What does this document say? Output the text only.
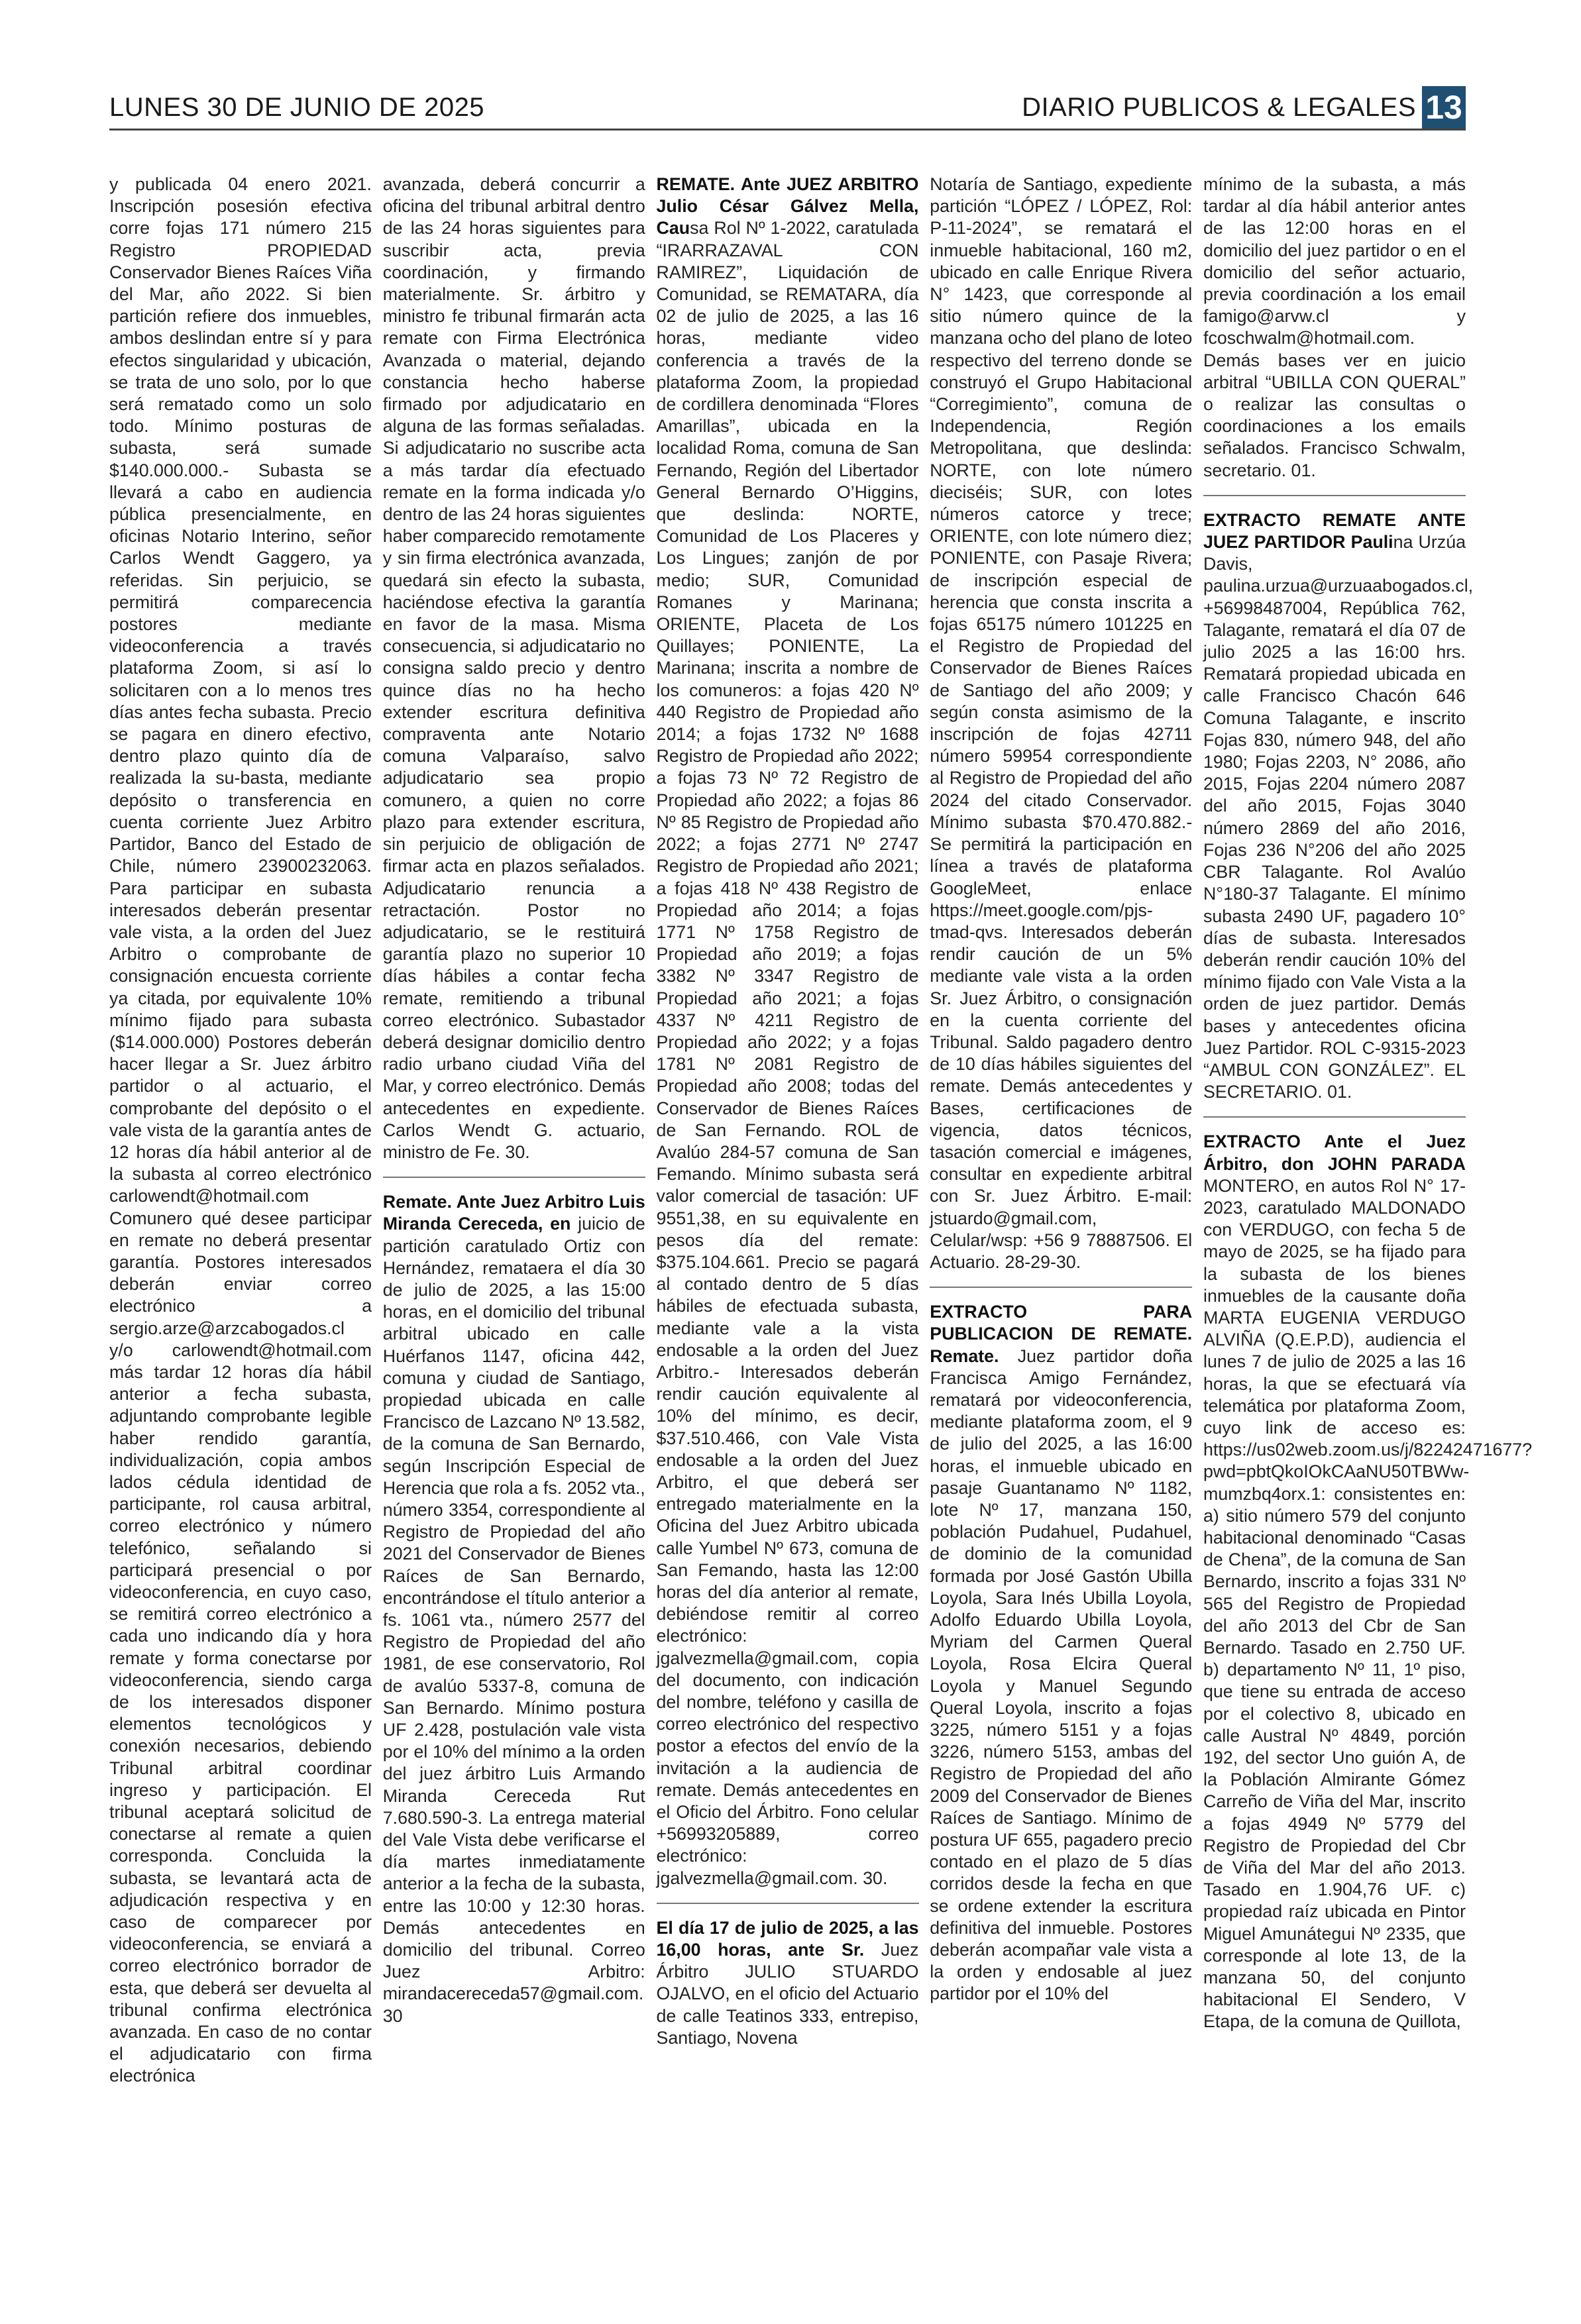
LUNES 30 DE JUNIO DE 2025	DIARIO PUBLICOS & LEGALES 13

y publicada 04 enero 2021. Inscripción posesión efectiva corre fojas 171 número 215 Registro PROPIEDAD Conservador Bienes Raíces Viña del Mar, año 2022. Si bien partición refiere dos inmuebles, ambos deslindan entre sí y para efectos singularidad y ubicación, se trata de uno solo, por lo que será rematado como un solo todo. Mínimo posturas de subasta, será sumade $140.000.000.- Subasta se llevará a cabo en audiencia pública presencialmente, en oficinas Notario Interino, señor Carlos Wendt Gaggero, ya referidas. Sin perjuicio, se permitirá comparecencia postores mediante videoconferencia a través plataforma Zoom, si así lo solicitaren con a lo menos tres días antes fecha subasta. Precio se pagara en dinero efectivo, dentro plazo quinto día de realizada la su-basta, mediante depósito o transferencia en cuenta corriente Juez Arbitro Partidor, Banco del Estado de Chile, número 23900232063. Para participar en subasta interesados deberán presentar vale vista, a la orden del Juez Arbitro o comprobante de consignación encuesta corriente ya citada, por equivalente 10% mínimo fijado para subasta ($14.000.000) Postores deberán hacer llegar a Sr. Juez árbitro partidor o al actuario, el comprobante del depósito o el vale vista de la garantía antes de 12 horas día hábil anterior al de la subasta al correo electrónico carlowendt@hotmail.com Comunero qué desee participar en remate no deberá presentar garantía. Postores interesados deberán enviar correo electrónico a sergio.arze@arzcabogados.cl y/o carlowendt@hotmail.com más tardar 12 horas día hábil anterior a fecha subasta, adjuntando comprobante legible haber rendido garantía, individualización, copia ambos lados cédula identidad de participante, rol causa arbitral, correo electrónico y número telefónico, señalando si participará presencial o por videoconferencia, en cuyo caso, se remitirá correo electrónico a cada uno indicando día y hora remate y forma conectarse por videoconferencia, siendo carga de los interesados disponer elementos tecnológicos y conexión necesarios, debiendo Tribunal arbitral coordinar ingreso y participación. El tribunal aceptará solicitud de conectarse al remate a quien corresponda. Concluida la subasta, se levantará acta de adjudicación respectiva y en caso de comparecer por videoconferencia, se enviará a correo electrónico borrador de esta, que deberá ser devuelta al tribunal confirma electrónica avanzada. En caso de no contar el adjudicatario con firma electrónica

avanzada, deberá concurrir a oficina del tribunal arbitral dentro de las 24 horas siguientes para suscribir acta, previa coordinación, y firmando materialmente. Sr. árbitro y ministro fe tribunal firmarán acta remate con Firma Electrónica Avanzada o material, dejando constancia hecho haberse firmado por adjudicatario en alguna de las formas señaladas. Si adjudicatario no suscribe acta a más tardar día efectuado remate en la forma indicada y/o dentro de las 24 horas siguientes haber comparecido remotamente y sin firma electrónica avanzada, quedará sin efecto la subasta, haciéndose efectiva la garantía en favor de la masa. Misma consecuencia, si adjudicatario no consigna saldo precio y dentro quince días no ha hecho extender escritura definitiva compraventa ante Notario comuna Valparaíso, salvo adjudicatario sea propio comunero, a quien no corre plazo para extender escritura, sin perjuicio de obligación de firmar acta en plazos señalados. Adjudicatario renuncia a retractación. Postor no adjudicatario, se le restituirá garantía plazo no superior 10 días hábiles a contar fecha remate, remitiendo a tribunal correo electrónico. Subastador deberá designar domicilio dentro radio urbano ciudad Viña del Mar, y correo electrónico. Demás antecedentes en expediente. Carlos Wendt G. actuario, ministro de Fe. 30.

Remate. Ante Juez Arbitro Luis Miranda Cereceda, en juicio de partición caratulado Ortiz con Hernández, remataera el día 30 de julio de 2025, a las 15:00 horas, en el domicilio del tribunal arbitral ubicado en calle Huérfanos 1147, oficina 442, comuna y ciudad de Santiago, propiedad ubicada en calle Francisco de Lazcano Nº 13.582, de la comuna de San Bernardo, según Inscripción Especial de Herencia que rola a fs. 2052 vta., número 3354, correspondiente al Registro de Propiedad del año 2021 del Conservador de Bienes Raíces de San Bernardo, encontrándose el título anterior a fs. 1061 vta., número 2577 del Registro de Propiedad del año 1981, de ese conservatorio, Rol de avalúo 5337-8, comuna de San Bernardo. Mínimo postura UF 2.428, postulación vale vista por el 10% del mínimo a la orden del juez árbitro Luis Armando Miranda Cereceda Rut 7.680.590-3. La entrega material del Vale Vista debe verificarse el día martes inmediatamente anterior a la fecha de la subasta, entre las 10:00 y 12:30 horas. Demás antecedentes en domicilio del tribunal. Correo Juez Arbitro: mirandacereceda57@gmail.com. 30

REMATE. Ante JUEZ ARBITRO Julio César Gálvez Mella, Causa Rol Nº 1-2022, caratulada “IRARRAZAVAL CON RAMIREZ”, Liquidación de Comunidad, se REMATARA, día 02 de julio de 2025, a las 16 horas, mediante video conferencia a través de la plataforma Zoom, la propiedad de cordillera denominada “Flores Amarillas”, ubicada en la localidad Roma, comuna de San Fernando, Región del Libertador General Bernardo O’Higgins, que deslinda: NORTE, Comunidad de Los Placeres y Los Lingues; zanjón de por medio; SUR, Comunidad Romanes y Marinana; ORIENTE, Placeta de Los Quillayes; PONIENTE, La Marinana; inscrita a nombre de los comuneros: a fojas 420 Nº 440 Registro de Propiedad año 2014; a fojas 1732 Nº 1688 Registro de Propiedad año 2022; a fojas 73 Nº 72 Registro de Propiedad año 2022; a fojas 86 Nº 85 Registro de Propiedad año 2022; a fojas 2771 Nº 2747 Registro de Propiedad año 2021; a fojas 418 Nº 438 Registro de Propiedad año 2014; a fojas 1771 Nº 1758 Registro de Propiedad año 2019; a fojas 3382 Nº 3347 Registro de Propiedad año 2021; a fojas 4337 Nº 4211 Registro de Propiedad año 2022; y a fojas 1781 Nº 2081 Registro de Propiedad año 2008; todas del Conservador de Bienes Raíces de San Fernando. ROL de Avalúo 284-57 comuna de San Femando. Mínimo subasta será valor comercial de tasación: UF 9551,38, en su equivalente en pesos día del remate: $375.104.661. Precio se pagará al contado dentro de 5 días hábiles de efectuada subasta, mediante vale a la vista endosable a la orden del Juez Arbitro.- Interesados deberán rendir caución equivalente al 10% del mínimo, es decir, $37.510.466, con Vale Vista endosable a la orden del Juez Arbitro, el que deberá ser entregado materialmente en la Oficina del Juez Arbitro ubicada calle Yumbel Nº 673, comuna de San Femando, hasta las 12:00 horas del día anterior al remate, debiéndose remitir al correo electrónico: jgalvezmella@gmail.com, copia del documento, con indicación del nombre, teléfono y casilla de correo electrónico del respectivo postor a efectos del envío de la invitación a la audiencia de remate. Demás antecedentes en el Oficio del Árbitro. Fono celular +56993205889, correo electrónico: jgalvezmella@gmail.com. 30.

El día 17 de julio de 2025, a las 16,00 horas, ante Sr. Juez Árbitro JULIO STUARDO OJALVO, en el oficio del Actuario de calle Teatinos 333, entrepiso, Santiago, Novena

Notaría de Santiago, expediente partición “LÓPEZ / LÓPEZ, Rol: P-11-2024”, se rematará el inmueble habitacional, 160 m2, ubicado en calle Enrique Rivera N° 1423, que corresponde al sitio número quince de la manzana ocho del plano de loteo respectivo del terreno donde se construyó el Grupo Habitacional “Corregimiento”, comuna de Independencia, Región Metropolitana, que deslinda: NORTE, con lote número dieciséis; SUR, con lotes números catorce y trece; ORIENTE, con lote número diez; PONIENTE, con Pasaje Rivera; de inscripción especial de herencia que consta inscrita a fojas 65175 número 101225 en el Registro de Propiedad del Conservador de Bienes Raíces de Santiago del año 2009; y según consta asimismo de la inscripción de fojas 42711 número 59954 correspondiente al Registro de Propiedad del año 2024 del citado Conservador. Mínimo subasta $70.470.882.- Se permitirá la participación en línea a través de plataforma GoogleMeet, enlace https://meet.google.com/pjs-tmad-qvs. Interesados deberán rendir caución de un 5% mediante vale vista a la orden Sr. Juez Árbitro, o consignación en la cuenta corriente del Tribunal. Saldo pagadero dentro de 10 días hábiles siguientes del remate. Demás antecedentes y Bases, certificaciones de vigencia, datos técnicos, tasación comercial e imágenes, consultar en expediente arbitral con Sr. Juez Árbitro. E-mail: jstuardo@gmail.com, Celular/wsp: +56 9 78887506. El Actuario. 28-29-30.

EXTRACTO PARA PUBLICACION DE REMATE. Remate. Juez partidor doña Francisca Amigo Fernández, rematará por videoconferencia, mediante plataforma zoom, el 9 de julio del 2025, a las 16:00 horas, el inmueble ubicado en pasaje Guantanamo Nº 1182, lote Nº 17, manzana 150, población Pudahuel, Pudahuel, de dominio de la comunidad formada por José Gastón Ubilla Loyola, Sara Inés Ubilla Loyola, Adolfo Eduardo Ubilla Loyola, Myriam del Carmen Queral Loyola, Rosa Elcira Queral Loyola y Manuel Segundo Queral Loyola, inscrito a fojas 3225, número 5151 y a fojas 3226, número 5153, ambas del Registro de Propiedad del año 2009 del Conservador de Bienes Raíces de Santiago. Mínimo de postura UF 655, pagadero precio contado en el plazo de 5 días corridos desde la fecha en que se ordene extender la escritura definitiva del inmueble. Postores deberán acompañar vale vista a la orden y endosable al juez partidor por el 10% del

mínimo de la subasta, a más tardar al día hábil anterior antes de las 12:00 horas en el domicilio del juez partidor o en el domicilio del señor actuario, previa coordinación a los email famigo@arvw.cl y fcoschwalm@hotmail.com. Demás bases ver en juicio arbitral “UBILLA CON QUERAL” o realizar las consultas o coordinaciones a los emails señalados. Francisco Schwalm, secretario. 01.

EXTRACTO REMATE ANTE JUEZ PARTIDOR Paulina Urzúa Davis, paulina.urzua@urzuaabogados.cl, +56998487004, República 762, Talagante, rematará el día 07 de julio 2025 a las 16:00 hrs. Rematará propiedad ubicada en calle Francisco Chacón 646 Comuna Talagante, e inscrito Fojas 830, número 948, del año 1980; Fojas 2203, N° 2086, año 2015, Fojas 2204 número 2087 del año 2015, Fojas 3040 número 2869 del año 2016, Fojas 236 N°206 del año 2025 CBR Talagante. Rol Avalúo N°180-37 Talagante. El mínimo subasta 2490 UF, pagadero 10° días de subasta. Interesados deberán rendir caución 10% del mínimo fijado con Vale Vista a la orden de juez partidor. Demás bases y antecedentes oficina Juez Partidor. ROL C-9315-2023 “AMBUL CON GONZÁLEZ”. EL SECRETARIO. 01.

EXTRACTO Ante el Juez Árbitro, don JOHN PARADA MONTERO, en autos Rol N° 17-2023, caratulado MALDONADO con VERDUGO, con fecha 5 de mayo de 2025, se ha fijado para la subasta de los bienes inmuebles de la causante doña MARTA EUGENIA VERDUGO ALVIÑA (Q.E.P.D), audiencia el lunes 7 de julio de 2025 a las 16 horas, la que se efectuará vía telemática por plataforma Zoom, cuyo link de acceso es: https://us02web.zoom.us/j/82242471677?pwd=pbtQkoIOkCAaNU50TBWw-mumzbq4orx.1: consistentes en: a) sitio número 579 del conjunto habitacional denominado “Casas de Chena”, de la comuna de San Bernardo, inscrito a fojas 331 Nº 565 del Registro de Propiedad del año 2013 del Cbr de San Bernardo. Tasado en 2.750 UF. b) departamento Nº 11, 1º piso, que tiene su entrada de acceso por el colectivo 8, ubicado en calle Austral Nº 4849, porción 192, del sector Uno guión A, de la Población Almirante Gómez Carreño de Viña del Mar, inscrito a fojas 4949 Nº 5779 del Registro de Propiedad del Cbr de Viña del Mar del año 2013. Tasado en 1.904,76 UF. c) propiedad raíz ubicada en Pintor Miguel Amunátegui Nº 2335, que corresponde al lote 13, de la manzana 50, del conjunto habitacional El Sendero, V Etapa, de la comuna de Quillota,
